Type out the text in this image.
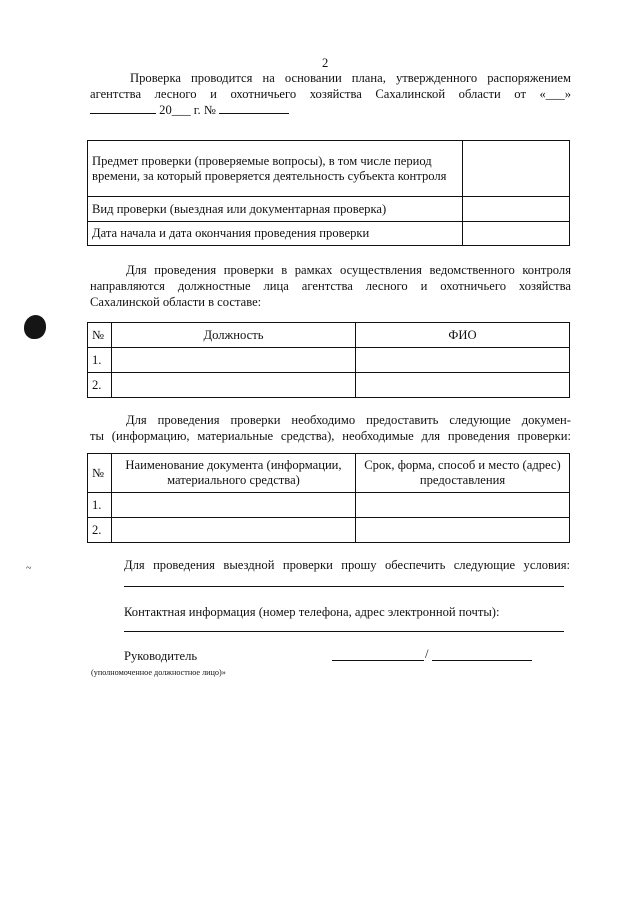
2
Проверка проводится на основании плана, утвержденного распоряжением
агентства лесного и охотничьего хозяйства Сахалинской области от «___»
20___ г. №
Предмет проверки (проверяемые вопросы), в том числе период времени, за который проверяется деятельность субъекта контроля	
Вид проверки (выездная или документарная проверка)	
Дата начала и дата окончания проведения проверки	
Для проведения проверки в рамках осуществления ведомственного контроля
направляются должностные лица агентства лесного и охотничьего хозяйства
Сахалинской области в составе:
№	Должность	ФИО
1.		
2.		
Для проведения проверки необходимо предоставить следующие докумен-
ты (информацию, материальные средства), необходимые для проведения проверки:
№	Наименование документа (информации, материального средства)	Срок, форма, способ и место (адрес) предоставления
1.		
2.		
Для проведения выездной проверки прошу обеспечить следующие условия:
Контактная информация (номер телефона, адрес электронной почты):
Руководитель	/
(уполномоченное должностное лицо)»
~
